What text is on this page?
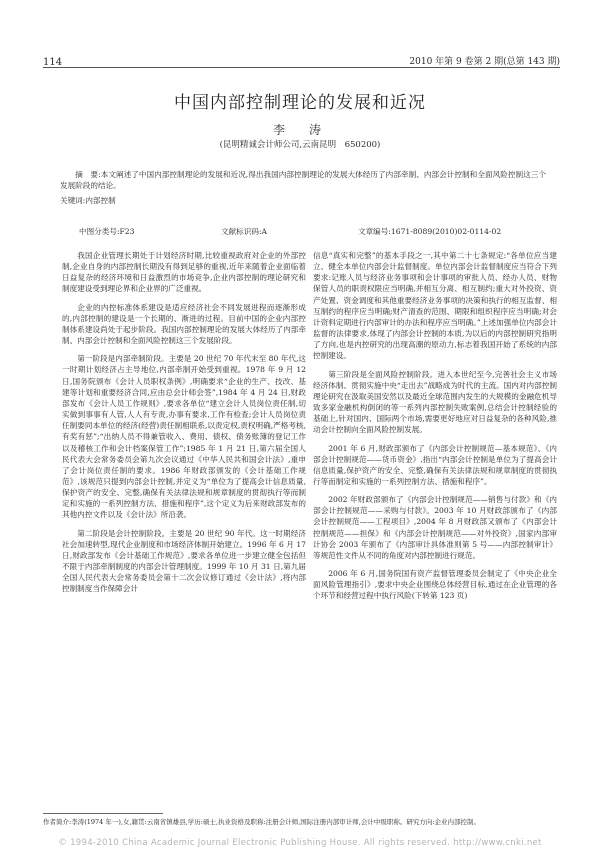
114	2010 年第 9 卷第 2 期(总第 143 期)
中国内部控制理论的发展和近况
李　涛
(昆明精诚会计师公司,云南昆明　650200)
摘　要:本文阐述了中国内部控制理论的发展和近况,得出我国内部控制理论的发展大体经历了内部牵制、内部会计控制和全面风险控制这三个发展阶段的结论。
关键词:内部控制
中图分类号:F23	文献标识码:A	文章编号:1671-8089(2010)02-0114-02

我国企业管理长期处于计划经济时期,比较重视政府对企业的外部控制,企业自身的内部控制长期没有得到足够的重视,近年来随着企业面临着日益复杂的经济环境和日益激烈的市场竞争,企业内部控制的理论研究和制度建设受到理论界和企业界的广泛重视。

企业的内控标准体系建设是适应经济社会不同发展进程而逐渐形成的,内部控制的建设是一个长期的、渐进的过程。目前中国的企业内部控制体系建设尚处于起步阶段。我国内部控制理论的发展大体经历了内部牵制、内部会计控制和全面风险控制这三个发展阶段。

第一阶段是内部牵制阶段。主要是 20 世纪 70 年代末至 80 年代,这一时期计划经济占主导地位,内部牵制开始受到重视。1978 年 9 月 12 日,国务院颁布《会计人员职权条例》,明确要求“企业的生产、技改、基建等计划和重要经济合同,应由总会计师会签”,1984 年 4 月 24 日,财政部发布《会计人员工作规则》,要求各单位“建立会计人员岗位责任制,切实做到事事有人管,人人有专责,办事有要求,工作有检查;会计人员岗位责任制要同本单位的经济(经营)责任制相联系,以责定权,责权明确,严格考核,有奖有惩”;“出纳人员不得兼管收入、费用、债权、债务账簿的登记工作以及稽核工作和会计档案保管工作”;1985 年 1 月 21 日,第六届全国人民代表大会常务委员会第九次会议通过《中华人民共和国会计法》,重申了会计岗位责任制的要求。1986 年财政部颁发的《会计基础工作规范》,该规范只提到内部会计控制,并定义为“单位为了提高会计信息质量,保护资产的安全、完整,确保有关法律法规和规章制度的贯彻执行等而制定和实施的一系列控制方法、措施和程序”,这个定义为后来财政部发布的其他内控文件以及《会计法》所沿袭。

第二阶段是会计控制阶段。主要是 20 世纪 90 年代。这一时期经济社会加速转型,现代企业制度和市场经济体制开始建立。1996 年 6 月 17 日,财政部发布《会计基础工作规范》,要求各单位进一步建立健全包括但不限于内部牵制制度的内部会计管理制度。1999 年 10 月 31 日,第九届全国人民代表大会常务委员会第十二次会议修订通过《会计法》,将内部控制制度当作保障会计

信息“真实和完整”的基本手段之一,其中第二十七条规定:“各单位应当建立、健全本单位内部会计监督制度。单位内部会计监督制度应当符合下列要求:记账人员与经济业务事项和会计事项的审批人员、经办人员、财物保管人员的职责权限应当明确,并相互分离、相互制约;重大对外投资、资产处置、资金调度和其他重要经济业务事项的决策和执行的相互监督、相互制约的程序应当明确;财产清查的范围、期限和组织程序应当明确;对会计资料定期进行内部审计的办法和程序应当明确。”上述加强单位内部会计监督的法律要求,体现了内部会计控制的本质,为以后的内部控制研究指明了方向,也是内控研究的出现高潮的原动力,标志着我国开始了系统的内部控制建设。

第三阶段是全面风险控制阶段。进入本世纪至今,完善社会主义市场经济体制、贯彻实施中央“走出去”战略成为时代的主流。国内对内部控制理论研究在汲取美国安然以及最近全球范围内发生的大规模的金融危机导致多家金融机构倒闭的等一系列内部控制失败案例,总结会计控制经验的基础上,针对国内、国际两个市场,需要更好地应对日益复杂的各种风险,推动会计控制向全面风险控制发展。

2001 年 6 月,财政部颁布了《内部会计控制规范—基本规范》、《内部会计控制规范——货币资金》,指出“内部会计控制是单位为了提高会计信息质量,保护资产的安全、完整,确保有关法律法规和规章制度的贯彻执行等而制定和实施的一系列控制方法、措施和程序”。

2002 年财政部颁布了《内部会计控制规范——销售与付款》和《内部会计控制规范——采购与付款》。2003 年 10 月财政部颁布了《内部会计控制规范——工程项目》,2004 年 8 月财政部又颁布了《内部会计控制规范——担保》和《内部会计控制规范——对外投资》,国家内部审计协会 2003 年颁布了《内部审计具体准则第 5 号——内部控制审计》等规范性文件从不同的角度对内部控制进行规范。

2006 年 6 月,国务院国有资产监督管理委员会制定了《中央企业全面风险管理指引》,要求中央企业围绕总体经营目标,通过在企业管理的各个环节和经营过程中执行风险(下转第 123 页)

作者简介:李涛(1974 年一),女,籍贯:云南省镇雄县,学历:硕士,执业资格及职称:注册会计师,国际注册内部审计师,会计中级职称。研究方向:企业内部控制。
© 1994-2010 China Academic Journal Electronic Publishing House. All rights reserved. http://www.cnki.net
